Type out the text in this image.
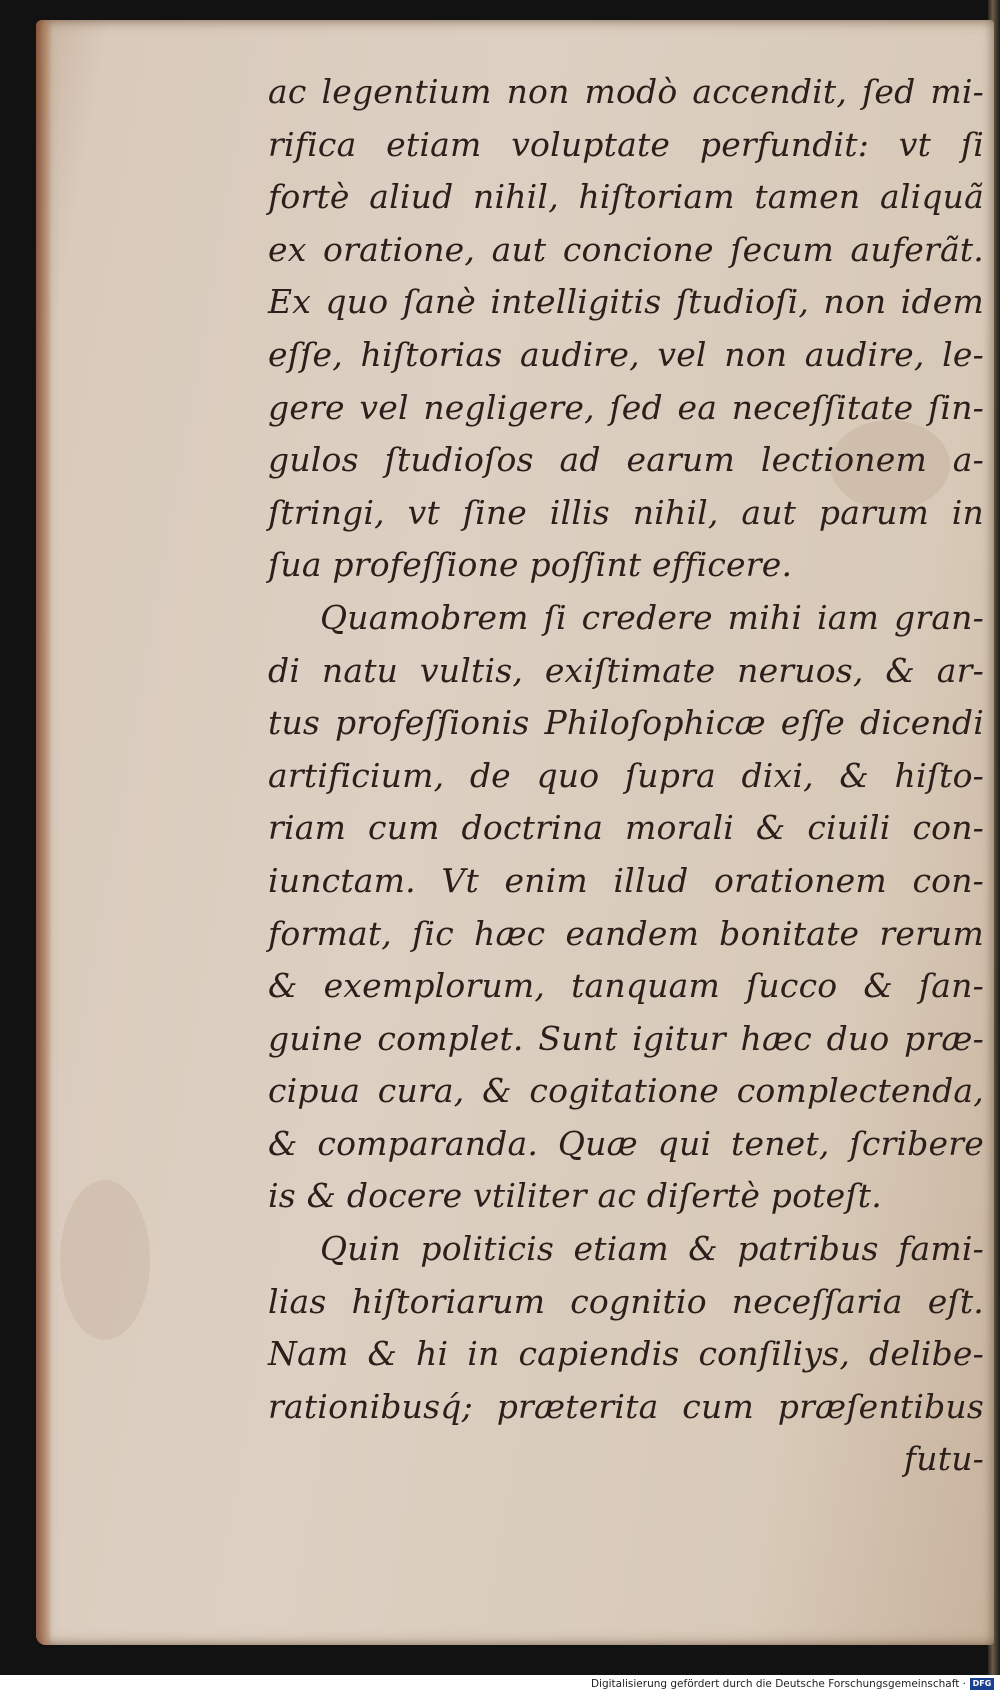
ac legentium non modò accendit, ſed mi-
rifica etiam voluptate perfundit: vt ſi
fortè aliud nihil, hiſtoriam tamen aliquã
ex oratione, aut concione ſecum auferãt.
Ex quo ſanè intelligitis ſtudioſi, non idem
eſſe, hiſtorias audire, vel non audire, le-
gere vel negligere, ſed ea neceſſitate ſin-
gulos ſtudioſos ad earum lectionem a-
ſtringi, vt ſine illis nihil, aut parum in
ſua profeſſione poſſint efficere.
Quamobrem ſi credere mihi iam gran-
di natu vultis, exiſtimate neruos, & ar-
tus profeſſionis Philoſophicæ eſſe dicendi
artificium, de quo ſupra dixi, & hiſto-
riam cum doctrina morali & ciuili con-
iunctam. Vt enim illud orationem con-
format, ſic hæc eandem bonitate rerum
& exemplorum, tanquam ſucco & ſan-
guine complet. Sunt igitur hæc duo præ-
cipua cura, & cogitatione complectenda,
& comparanda. Quæ qui tenet, ſcribere
is & docere vtiliter ac diſertè poteſt.
Quin politicis etiam & patribus fami-
lias hiſtoriarum cognitio neceſſaria eſt.
Nam & hi in capiendis conſiliys, delibe-
rationibusq́; præterita cum præſentibus
futu-
Digitalisierung gefördert durch die Deutsche Forschungsgemeinschaft · DFG
